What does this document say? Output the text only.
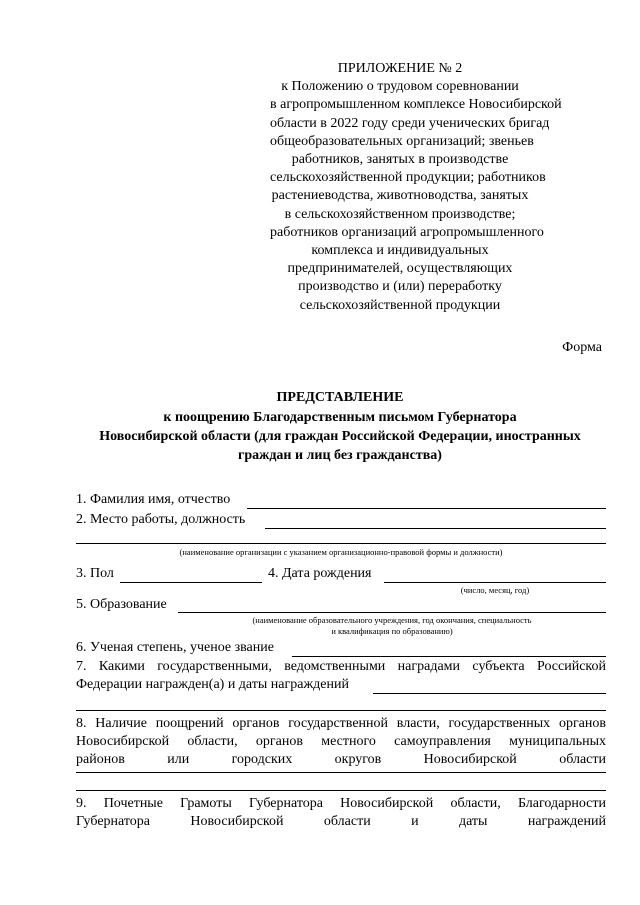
ПРИЛОЖЕНИЕ № 2
к Положению о трудовом соревновании
в агропромышленном комплексе Новосибирской
области в 2022 году среди ученических бригад
общеобразовательных организаций; звеньев
работников, занятых в производстве
сельскохозяйственной продукции; работников
растениеводства, животноводства, занятых
в сельскохозяйственном производстве;
работников организаций агропромышленного
комплекса и индивидуальных
предпринимателей, осуществляющих
производство и (или) переработку
сельскохозяйственной продукции
Форма
ПРЕДСТАВЛЕНИЕ
к поощрению Благодарственным письмом Губернатора
Новосибирской области (для граждан Российской Федерации, иностранных
граждан и лиц без гражданства)
1. Фамилия имя, отчество
2. Место работы, должность
(наименование организации с указанием организационно-правовой формы и должности)
3. Пол	4. Дата рождения
(число, месяц, год)
5. Образование
(наименование образовательного учреждения, год окончания, специальность
и квалификация по образованию)
6. Ученая степень, ученое звание
7. Какими государственными, ведомственными наградами субъекта Российской
Федерации награжден(а) и даты награждений
8. Наличие поощрений органов государственной власти, государственных органов
Новосибирской области, органов местного самоуправления муниципальных
районов или городских округов Новосибирской области
9. Почетные Грамоты Губернатора Новосибирской области, Благодарности
Губернатора Новосибирской области и даты награждений
